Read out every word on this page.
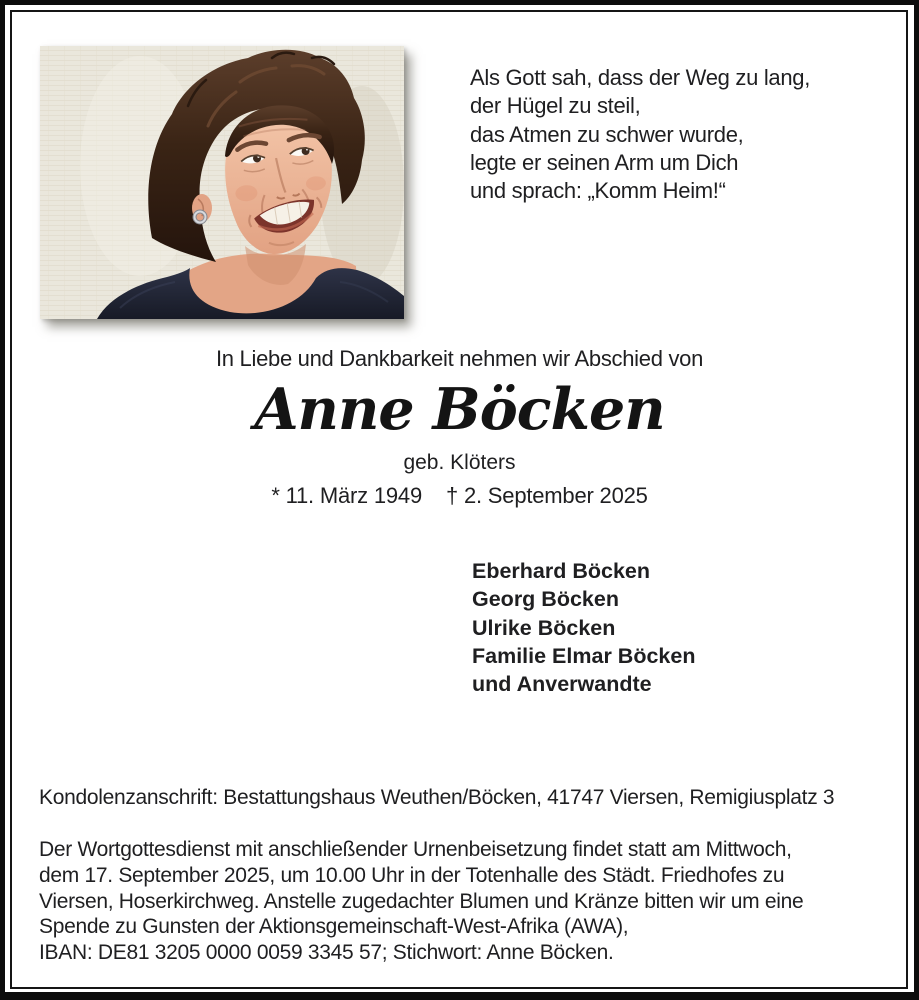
Als Gott sah, dass der Weg zu lang,
der Hügel zu steil,
das Atmen zu schwer wurde,
legte er seinen Arm um Dich
und sprach: „Komm Heim!“
In Liebe und Dankbarkeit nehmen wir Abschied von
Anne Böcken
geb. Klöters
* 11. März 1949 † 2. September 2025
Eberhard Böcken
Georg Böcken
Ulrike Böcken
Familie Elmar Böcken
und Anverwandte
Kondolenzanschrift: Bestattungshaus Weuthen/Böcken, 41747 Viersen, Remigiusplatz 3
Der Wortgottesdienst mit anschließender Urnenbeisetzung findet statt am Mittwoch,
dem 17. September 2025, um 10.00 Uhr in der Totenhalle des Städt. Friedhofes zu
Viersen, Hoserkirchweg. Anstelle zugedachter Blumen und Kränze bitten wir um eine
Spende zu Gunsten der Aktionsgemeinschaft-West-Afrika (AWA),
IBAN: DE81 3205 0000 0059 3345 57; Stichwort: Anne Böcken.
